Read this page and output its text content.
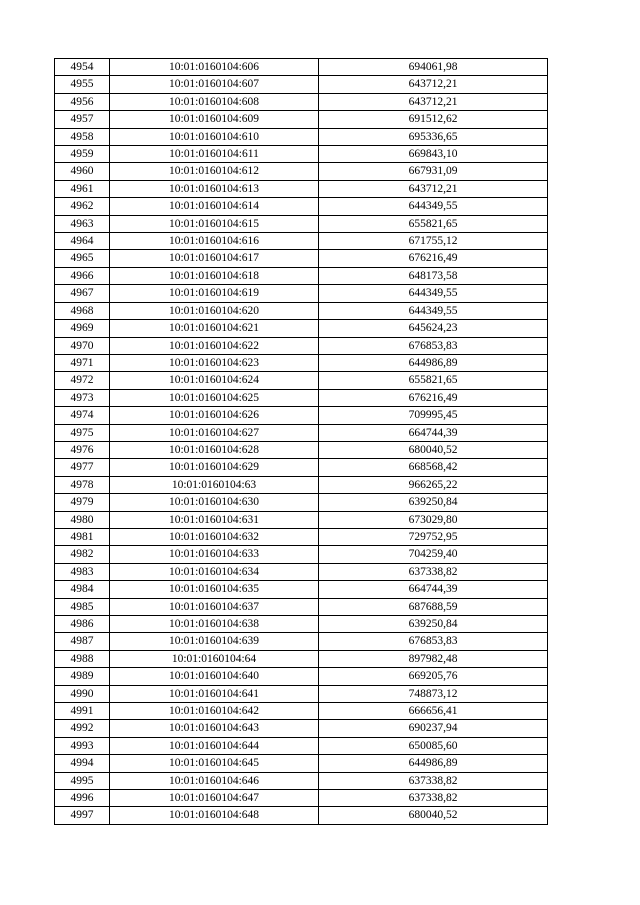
4954	10:01:0160104:606	694061,98
4955	10:01:0160104:607	643712,21
4956	10:01:0160104:608	643712,21
4957	10:01:0160104:609	691512,62
4958	10:01:0160104:610	695336,65
4959	10:01:0160104:611	669843,10
4960	10:01:0160104:612	667931,09
4961	10:01:0160104:613	643712,21
4962	10:01:0160104:614	644349,55
4963	10:01:0160104:615	655821,65
4964	10:01:0160104:616	671755,12
4965	10:01:0160104:617	676216,49
4966	10:01:0160104:618	648173,58
4967	10:01:0160104:619	644349,55
4968	10:01:0160104:620	644349,55
4969	10:01:0160104:621	645624,23
4970	10:01:0160104:622	676853,83
4971	10:01:0160104:623	644986,89
4972	10:01:0160104:624	655821,65
4973	10:01:0160104:625	676216,49
4974	10:01:0160104:626	709995,45
4975	10:01:0160104:627	664744,39
4976	10:01:0160104:628	680040,52
4977	10:01:0160104:629	668568,42
4978	10:01:0160104:63	966265,22
4979	10:01:0160104:630	639250,84
4980	10:01:0160104:631	673029,80
4981	10:01:0160104:632	729752,95
4982	10:01:0160104:633	704259,40
4983	10:01:0160104:634	637338,82
4984	10:01:0160104:635	664744,39
4985	10:01:0160104:637	687688,59
4986	10:01:0160104:638	639250,84
4987	10:01:0160104:639	676853,83
4988	10:01:0160104:64	897982,48
4989	10:01:0160104:640	669205,76
4990	10:01:0160104:641	748873,12
4991	10:01:0160104:642	666656,41
4992	10:01:0160104:643	690237,94
4993	10:01:0160104:644	650085,60
4994	10:01:0160104:645	644986,89
4995	10:01:0160104:646	637338,82
4996	10:01:0160104:647	637338,82
4997	10:01:0160104:648	680040,52
